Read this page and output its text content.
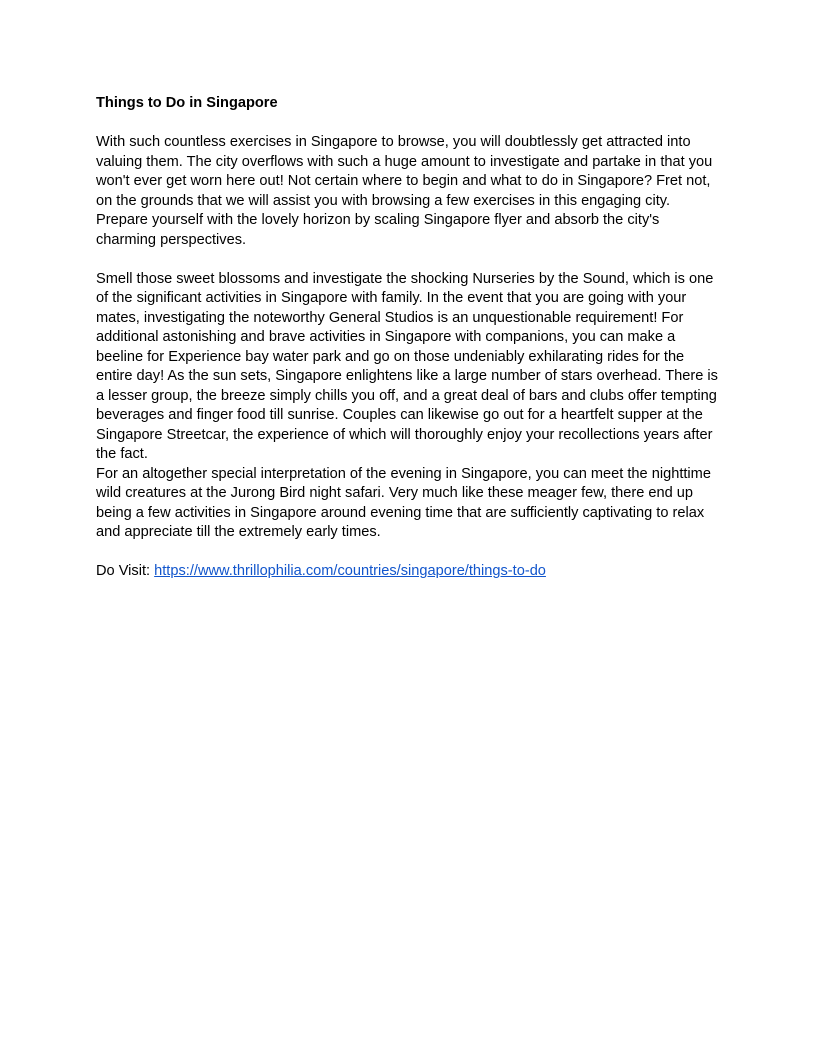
Things to Do in Singapore

With such countless exercises in Singapore to browse, you will doubtlessly get attracted into valuing them. The city overflows with such a huge amount to investigate and partake in that you won't ever get worn here out! Not certain where to begin and what to do in Singapore? Fret not, on the grounds that we will assist you with browsing a few exercises in this engaging city. Prepare yourself with the lovely horizon by scaling Singapore flyer and absorb the city's charming perspectives.

Smell those sweet blossoms and investigate the shocking Nurseries by the Sound, which is one of the significant activities in Singapore with family. In the event that you are going with your mates, investigating the noteworthy General Studios is an unquestionable requirement! For additional astonishing and brave activities in Singapore with companions, you can make a beeline for Experience bay water park and go on those undeniably exhilarating rides for the entire day! As the sun sets, Singapore enlightens like a large number of stars overhead. There is a lesser group, the breeze simply chills you off, and a great deal of bars and clubs offer tempting beverages and finger food till sunrise. Couples can likewise go out for a heartfelt supper at the Singapore Streetcar, the experience of which will thoroughly enjoy your recollections years after the fact.

For an altogether special interpretation of the evening in Singapore, you can meet the nighttime wild creatures at the Jurong Bird night safari. Very much like these meager few, there end up being a few activities in Singapore around evening time that are sufficiently captivating to relax and appreciate till the extremely early times.

Do Visit: https://www.thrillophilia.com/countries/singapore/things-to-do
